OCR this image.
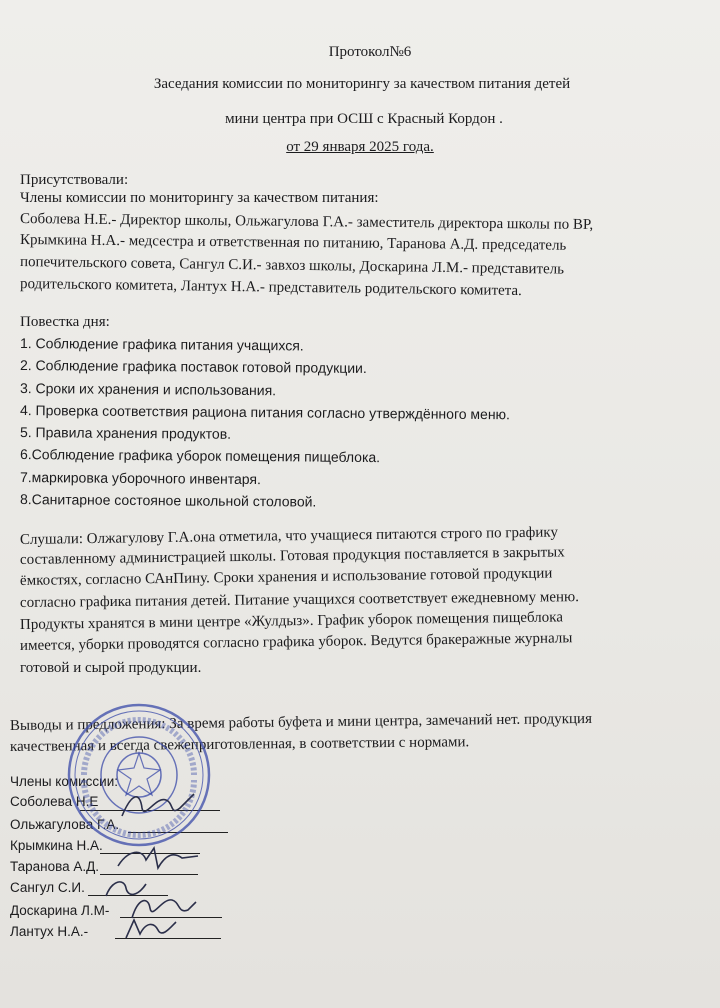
Протокол№6
Заседания комиссии по мониторингу за качеством питания детей
мини центра при ОСШ с Красный Кордон .
от 29 января 2025 года.
Присутствовали:
Члены комиссии по мониторингу за качеством питания:
Соболева Н.Е.- Директор школы, Ольжагулова Г.А.- заместитель директора школы по ВР,
Крымкина Н.А.- медсестра и ответственная по питанию, Таранова А.Д. председатель
попечительского совета, Сангул С.И.- завхоз школы, Доскарина Л.М.- представитель
родительского комитета, Лантух Н.А.- представитель родительского комитета.
Повестка дня:
1. Соблюдение графика питания учащихся.
2. Соблюдение графика поставок готовой продукции.
3. Сроки их хранения и использования.
4. Проверка соответствия рациона питания согласно утверждённого меню.
5. Правила хранения продуктов.
6.Соблюдение графика уборок помещения пищеблока.
7.маркировка уборочного инвентаря.
8.Санитарное состояное школьной столовой.
Слушали: Олжагулову Г.А.она отметила, что учащиеся питаются строго по графику
составленному администрацией школы. Готовая продукция поставляется в закрытых
ёмкостях, согласно САнПину. Сроки хранения и использование готовой продукции
согласно графика питания детей. Питание учащихся соответствует ежедневному меню.
Продукты хранятся в мини центре «Жулдыз». График уборок помещения пищеблока
имеется, уборки проводятся согласно графика уборок. Ведутся бракеражные журналы
готовой и сырой продукции.
Выводы и предложения: За время работы буфета и мини центра, замечаний нет. продукция
качественная и всегда свежеприготовленная, в соответствии с нормами.
Члены комиссии:
Соболева Н.Е
Ольжагулова Г.А.
Крымкина Н.А.
Таранова А.Д.
Сангул С.И.
Доскарина Л.М-
Лантух Н.А.-
